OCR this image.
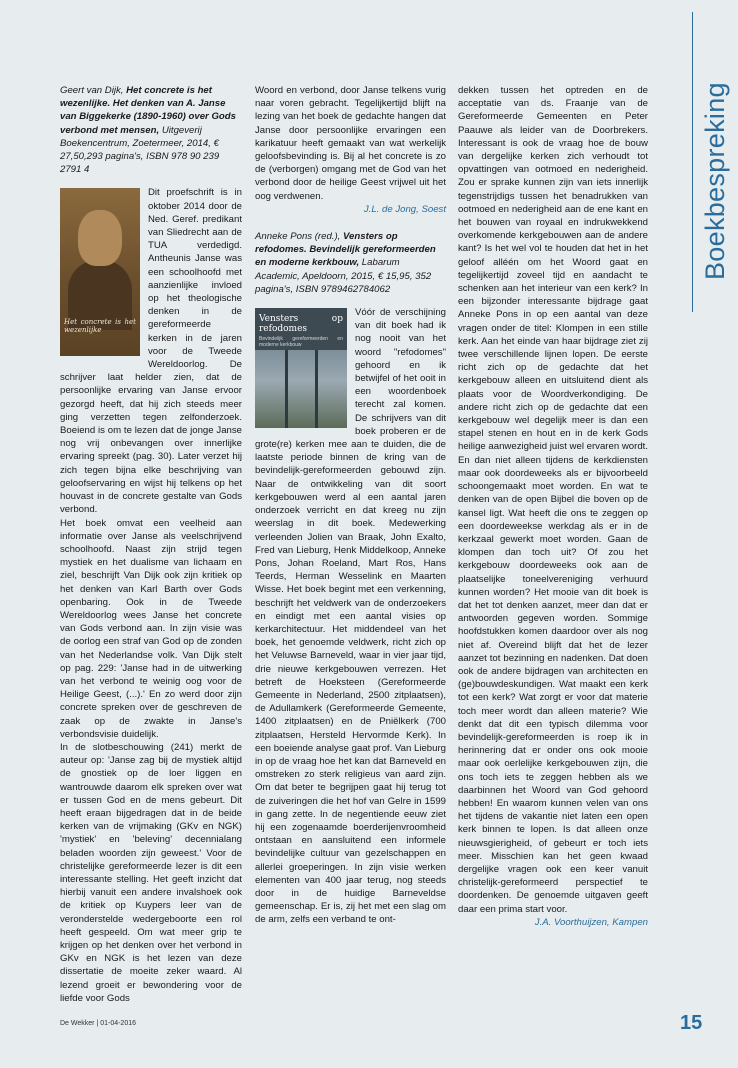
Boekbespreking

Geert van Dijk, Het concrete is het wezenlijke. Het denken van A. Janse van Biggekerke (1890-1960) over Gods verbond met mensen, Uitgeverij Boekencentrum, Zoetermeer, 2014, € 27,50,293 pagina's, ISBN 978 90 239 2791 4

Het concrete is het wezenlijke

Dit proefschrift is in oktober 2014 door de Ned. Geref. predikant van Sliedrecht aan de TUA verdedigd. Antheunis Janse was een schoolhoofd met aanzienlijke invloed op het theologische denken in de gereformeerde kerken in de jaren voor de Tweede Wereldoorlog. De schrijver laat helder zien, dat de persoonlijke ervaring van Janse ervoor gezorgd heeft, dat hij zich steeds meer ging verzetten tegen zelfonderzoek. Boeiend is om te lezen dat de jonge Janse nog vrij onbevangen over innerlijke ervaring spreekt (pag. 30). Later verzet hij zich tegen bijna elke beschrijving van geloofservaring en wijst hij telkens op het houvast in de concrete gestalte van Gods verbond.

Het boek omvat een veelheid aan informatie over Janse als veelschrijvend schoolhoofd. Naast zijn strijd tegen mystiek en het dualisme van lichaam en ziel, beschrijft Van Dijk ook zijn kritiek op het denken van Karl Barth over Gods openbaring. Ook in de Tweede Wereldoorlog wees Janse het concrete van Gods verbond aan. In zijn visie was de oorlog een straf van God op de zonden van het Nederlandse volk. Van Dijk stelt op pag. 229: 'Janse had in de uitwerking van het verbond te weinig oog voor de Heilige Geest, (...).' En zo werd door zijn concrete spreken over de geschreven de zaak op de zwakte in Janse's verbondsvisie duidelijk.

In de slotbeschouwing (241) merkt de auteur op: 'Janse zag bij de mystiek altijd de gnostiek op de loer liggen en wantrouwde daarom elk spreken over wat er tussen God en de mens gebeurt. Dit heeft eraan bijgedragen dat in de beide kerken van de vrijmaking (GKv en NGK) 'mystiek' en 'beleving' decennialang beladen woorden zijn geweest.' Voor de christelijke gereformeerde lezer is dit een interessante stelling. Het geeft inzicht dat hierbij vanuit een andere invalshoek ook de kritiek op Kuypers leer van de veronderstelde wedergeboorte een rol heeft gespeeld. Om wat meer grip te krijgen op het denken over het verbond in GKv en NGK is het lezen van deze dissertatie de moeite zeker waard. Al lezend groeit er bewondering voor de liefde voor Gods

Woord en verbond, door Janse telkens vurig naar voren gebracht. Tegelijkertijd blijft na lezing van het boek de gedachte hangen dat Janse door persoonlijke ervaringen een karikatuur heeft gemaakt van wat werkelijk geloofsbevinding is. Bij al het concrete is zo de (verborgen) omgang met de God van het verbond door de heilige Geest vrijwel uit het oog verdwenen.

J.L. de Jong, Soest

Anneke Pons (red.), Vensters op refodomes. Bevindelijk gereformeerden en moderne kerkbouw, Labarum Academic, Apeldoorn, 2015, € 15,95, 352 pagina's, ISBN 9789462784062

Vensters op refodomes
Bevindelijk gereformeerden en moderne kerkbouw

Vóór de verschijning van dit boek had ik nog nooit van het woord "refodomes" gehoord en ik betwijfel of het ooit in een woordenboek terecht zal komen. De schrijvers van dit boek proberen er de grote(re) kerken mee aan te duiden, die de laatste periode binnen de kring van de bevindelijk-gereformeerden gebouwd zijn. Naar de ontwikkeling van dit soort kerkgebouwen werd al een aantal jaren onderzoek verricht en dat kreeg nu zijn weerslag in dit boek. Medewerking verleenden Jolien van Braak, John Exalto, Fred van Lieburg, Henk Middelkoop, Anneke Pons, Johan Roeland, Mart Ros, Hans Teerds, Herman Wesselink en Maarten Wisse. Het boek begint met een verkenning, beschrijft het veldwerk van de onderzoekers en eindigt met een aantal visies op kerkarchitectuur. Het middendeel van het boek, het genoemde veldwerk, richt zich op het Veluwse Barneveld, waar in vier jaar tijd, drie nieuwe kerkgebouwen verrezen. Het betreft de Hoeksteen (Gereformeerde Gemeente in Nederland, 2500 zitplaatsen), de Adullamkerk (Gereformeerde Gemeente, 1400 zitplaatsen) en de Pniëlkerk (700 zitplaatsen, Hersteld Hervormde Kerk). In een boeiende analyse gaat prof. Van Lieburg in op de vraag hoe het kan dat Barneveld en omstreken zo sterk religieus van aard zijn. Om dat beter te begrijpen gaat hij terug tot de zuiveringen die het hof van Gelre in 1599 in gang zette. In de negentiende eeuw ziet hij een zogenaamde boerderijenvroomheid ontstaan en aansluitend een informele bevindelijke cultuur van gezelschappen en allerlei groeperingen. In zijn visie werken elementen van 400 jaar terug, nog steeds door in de huidige Barneveldse gemeenschap. Er is, zij het met een slag om de arm, zelfs een verband te ont-

dekken tussen het optreden en de acceptatie van ds. Fraanje van de Gereformeerde Gemeenten en Peter Paauwe als leider van de Doorbrekers. Interessant is ook de vraag hoe de bouw van dergelijke kerken zich verhoudt tot opvattingen van ootmoed en nederigheid. Zou er sprake kunnen zijn van iets innerlijk tegenstrijdigs tussen het benadrukken van ootmoed en nederigheid aan de ene kant en het bouwen van royaal en indrukwekkend overkomende kerkgebouwen aan de andere kant? Is het wel vol te houden dat het in het geloof alléén om het Woord gaat en tegelijkertijd zoveel tijd en aandacht te schenken aan het interieur van een kerk? In een bijzonder interessante bijdrage gaat Anneke Pons in op een aantal van deze vragen onder de titel: Klompen in een stille kerk. Aan het einde van haar bijdrage ziet zij twee verschillende lijnen lopen. De eerste richt zich op de gedachte dat het kerkgebouw alleen en uitsluitend dient als plaats voor de Woordverkondiging. De andere richt zich op de gedachte dat een kerkgebouw wel degelijk meer is dan een stapel stenen en hout en in de kerk Gods heilige aanwezigheid juist wel ervaren wordt. En dan niet alleen tijdens de kerkdiensten maar ook doordeweeks als er bijvoorbeeld schoongemaakt moet worden. En wat te denken van de open Bijbel die boven op de kansel ligt. Wat heeft die ons te zeggen op een doordeweekse werkdag als er in de kerkzaal gewerkt moet worden. Gaan de klompen dan toch uit? Of zou het kerkgebouw doordeweeks ook aan de plaatselijke toneelvereniging verhuurd kunnen worden? Het mooie van dit boek is dat het tot denken aanzet, meer dan dat er antwoorden gegeven worden. Sommige hoofdstukken komen daardoor over als nog niet af. Overeind blijft dat het de lezer aanzet tot bezinning en nadenken. Dat doen ook de andere bijdragen van architecten en (ge)bouwdeskundigen. Wat maakt een kerk tot een kerk? Wat zorgt er voor dat materie toch meer wordt dan alleen materie? Wie denkt dat dit een typisch dilemma voor bevindelijk-gereformeerden is roep ik in herinnering dat er onder ons ook mooie maar ook oerlelijke kerkgebouwen zijn, die ons toch iets te zeggen hebben als we daarbinnen het Woord van God gehoord hebben! En waarom kunnen velen van ons het tijdens de vakantie niet laten een open kerk binnen te lopen. Is dat alleen onze nieuwsgierigheid, of gebeurt er toch iets meer. Misschien kan het geen kwaad dergelijke vragen ook een keer vanuit christelijk-gereformeerd perspectief te doordenken. De genoemde uitgaven geeft daar een prima start voor.

J.A. Voorthuijzen, Kampen

De Wekker | 01-04-2016	15
